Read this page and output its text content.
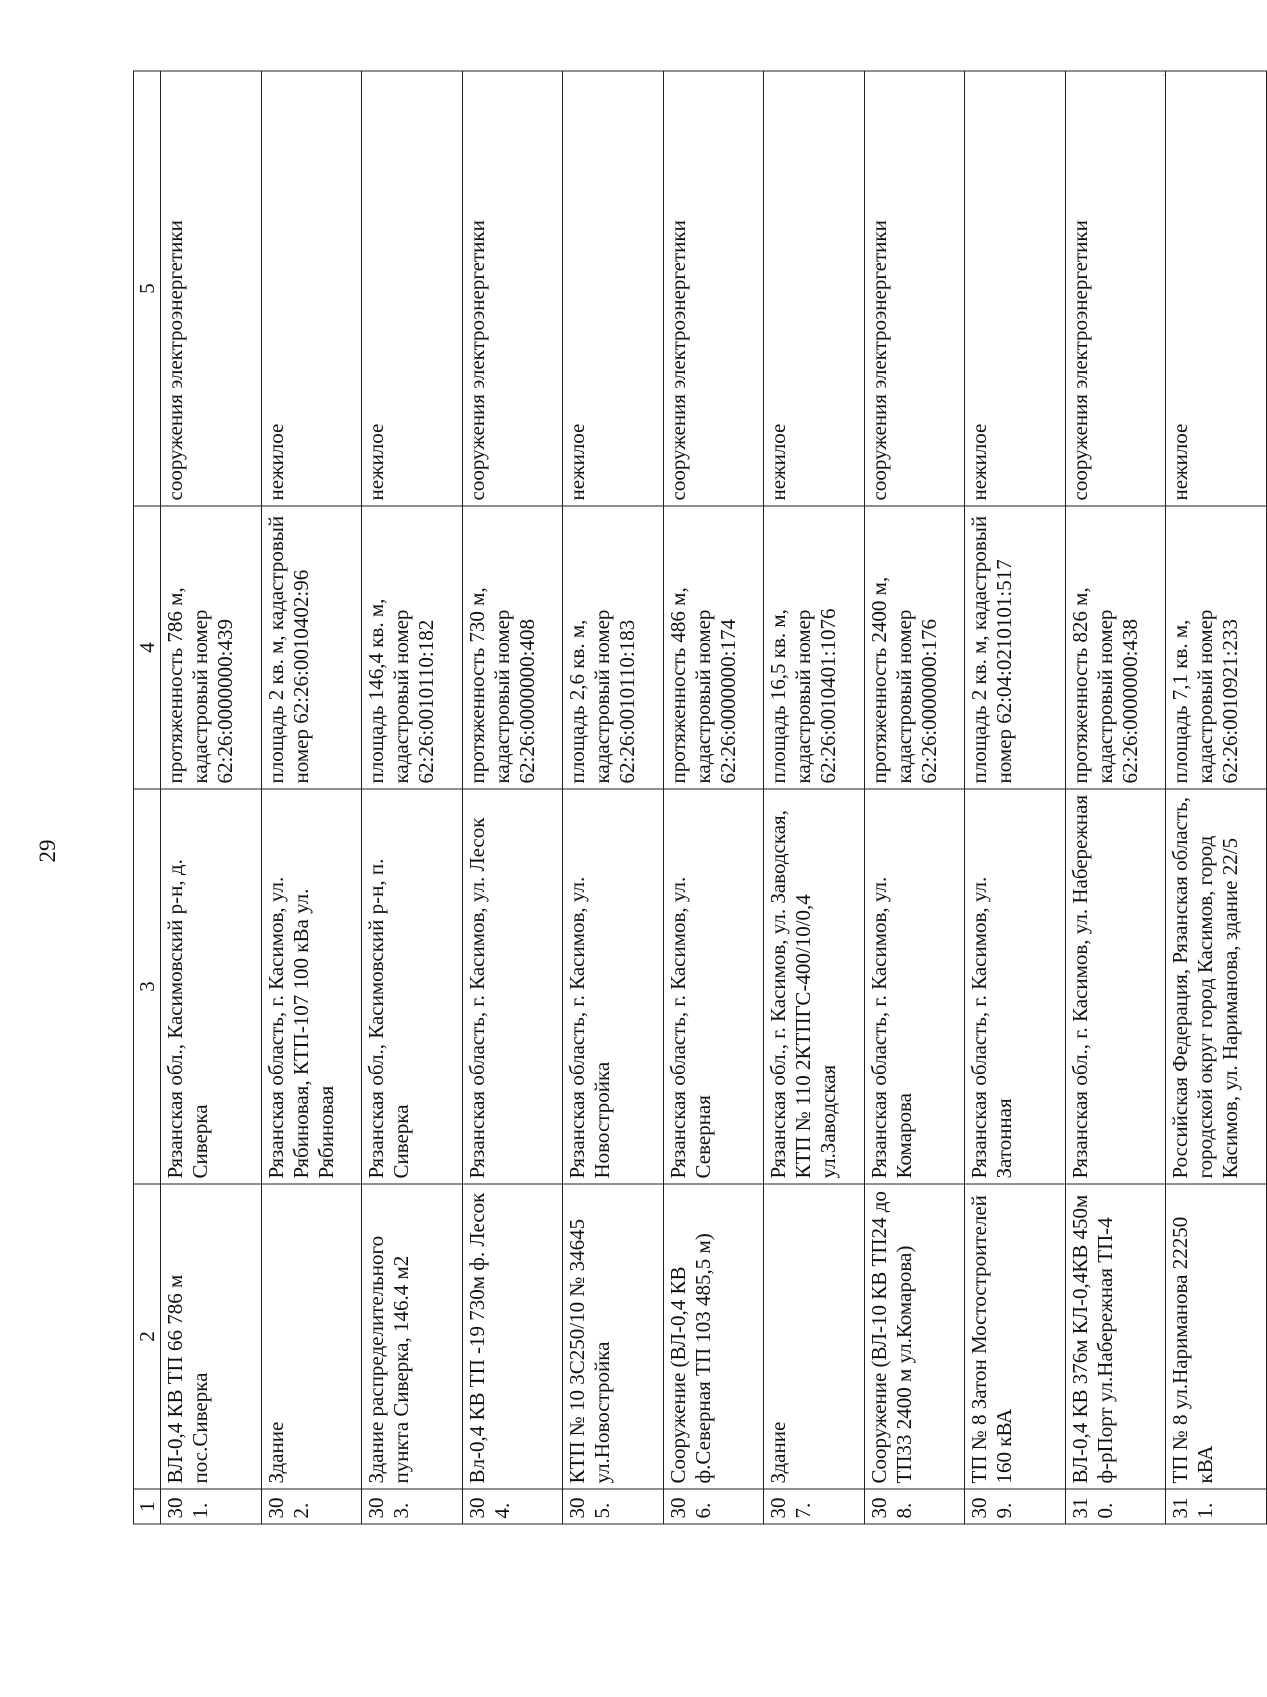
29
1	2	3	4	5
301.	ВЛ-0,4 КВ ТП 66 786 м пос.Сиверка	Рязанская обл., Касимовский р-н, д. Сиверка	протяженность 786 м, кадастровый номер 62:26:0000000:439	сооружения электроэнергетики
302.	Здание	Рязанская область, г. Касимов, ул. Рябиновая, КТП-107 100 кВа ул. Рябиновая	площадь 2 кв. м, кадастровый номер 62:26:0010402:96	нежилое
303.	Здание распределительного пункта Сиверка, 146.4 м2	Рязанская обл., Касимовский р-н, п. Сиверка	площадь 146,4 кв. м, кадастровый номер 62:26:0010110:182	нежилое
304.	Вл-0,4 КВ ТП -19 730м ф. Лесок	Рязанская область, г. Касимов, ул. Лесок	протяженность 730 м, кадастровый номер 62:26:0000000:408	сооружения электроэнергетики
305.	КТП № 10 3С250/10 № 34645 ул.Новостройка	Рязанская область, г. Касимов, ул. Новостройка	площадь 2,6 кв. м, кадастровый номер 62:26:0010110:183	нежилое
306.	Сооружение (ВЛ-0,4 КВ ф.Северная ТП 103 485,5 м)	Рязанская область, г. Касимов, ул. Северная	протяженность 486 м, кадастровый номер 62:26:0000000:174	сооружения электроэнергетики
307.	Здание	Рязанская обл., г. Касимов, ул. Заводская, КТП № 110 2КТПГС-400/10/0,4 ул.Заводская	площадь 16,5 кв. м, кадастровый номер 62:26:0010401:1076	нежилое
308.	Сооружение (ВЛ-10 КВ ТП24 до ТП33 2400 м ул.Комарова)	Рязанская область, г. Касимов, ул. Комарова	протяженность 2400 м, кадастровый номер 62:26:0000000:176	сооружения электроэнергетики
309.	ТП № 8 Затон Мостостроителей 160 кВА	Рязанская область, г. Касимов, ул. Затонная	площадь 2 кв. м, кадастровый номер 62:04:0210101:517	нежилое
310.	ВЛ-0,4 КВ 376м КЛ-0,4КВ 450м ф-рПорт ул.Набережная ТП-4	Рязанская обл., г. Касимов, ул. Набережная	протяженность 826 м, кадастровый номер 62:26:0000000:438	сооружения электроэнергетики
311.	ТП № 8 ул.Нариманова 22250 кВА	Российская Федерация, Рязанская область, городской округ город Касимов, город Касимов, ул. Нариманова, здание 22/5	площадь 7,1 кв. м, кадастровый номер 62:26:0010921:233	нежилое
·
